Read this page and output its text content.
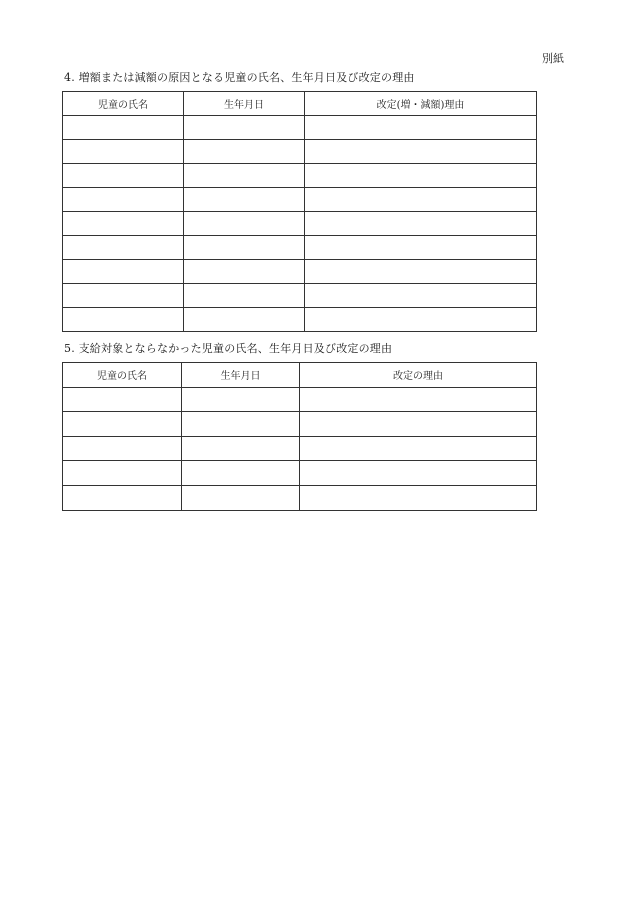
別紙
4. 増額または減額の原因となる児童の氏名、生年月日及び改定の理由
児童の氏名	生年月日	改定(増・減額)理由

5. 支給対象とならなかった児童の氏名、生年月日及び改定の理由
児童の氏名	生年月日	改定の理由
